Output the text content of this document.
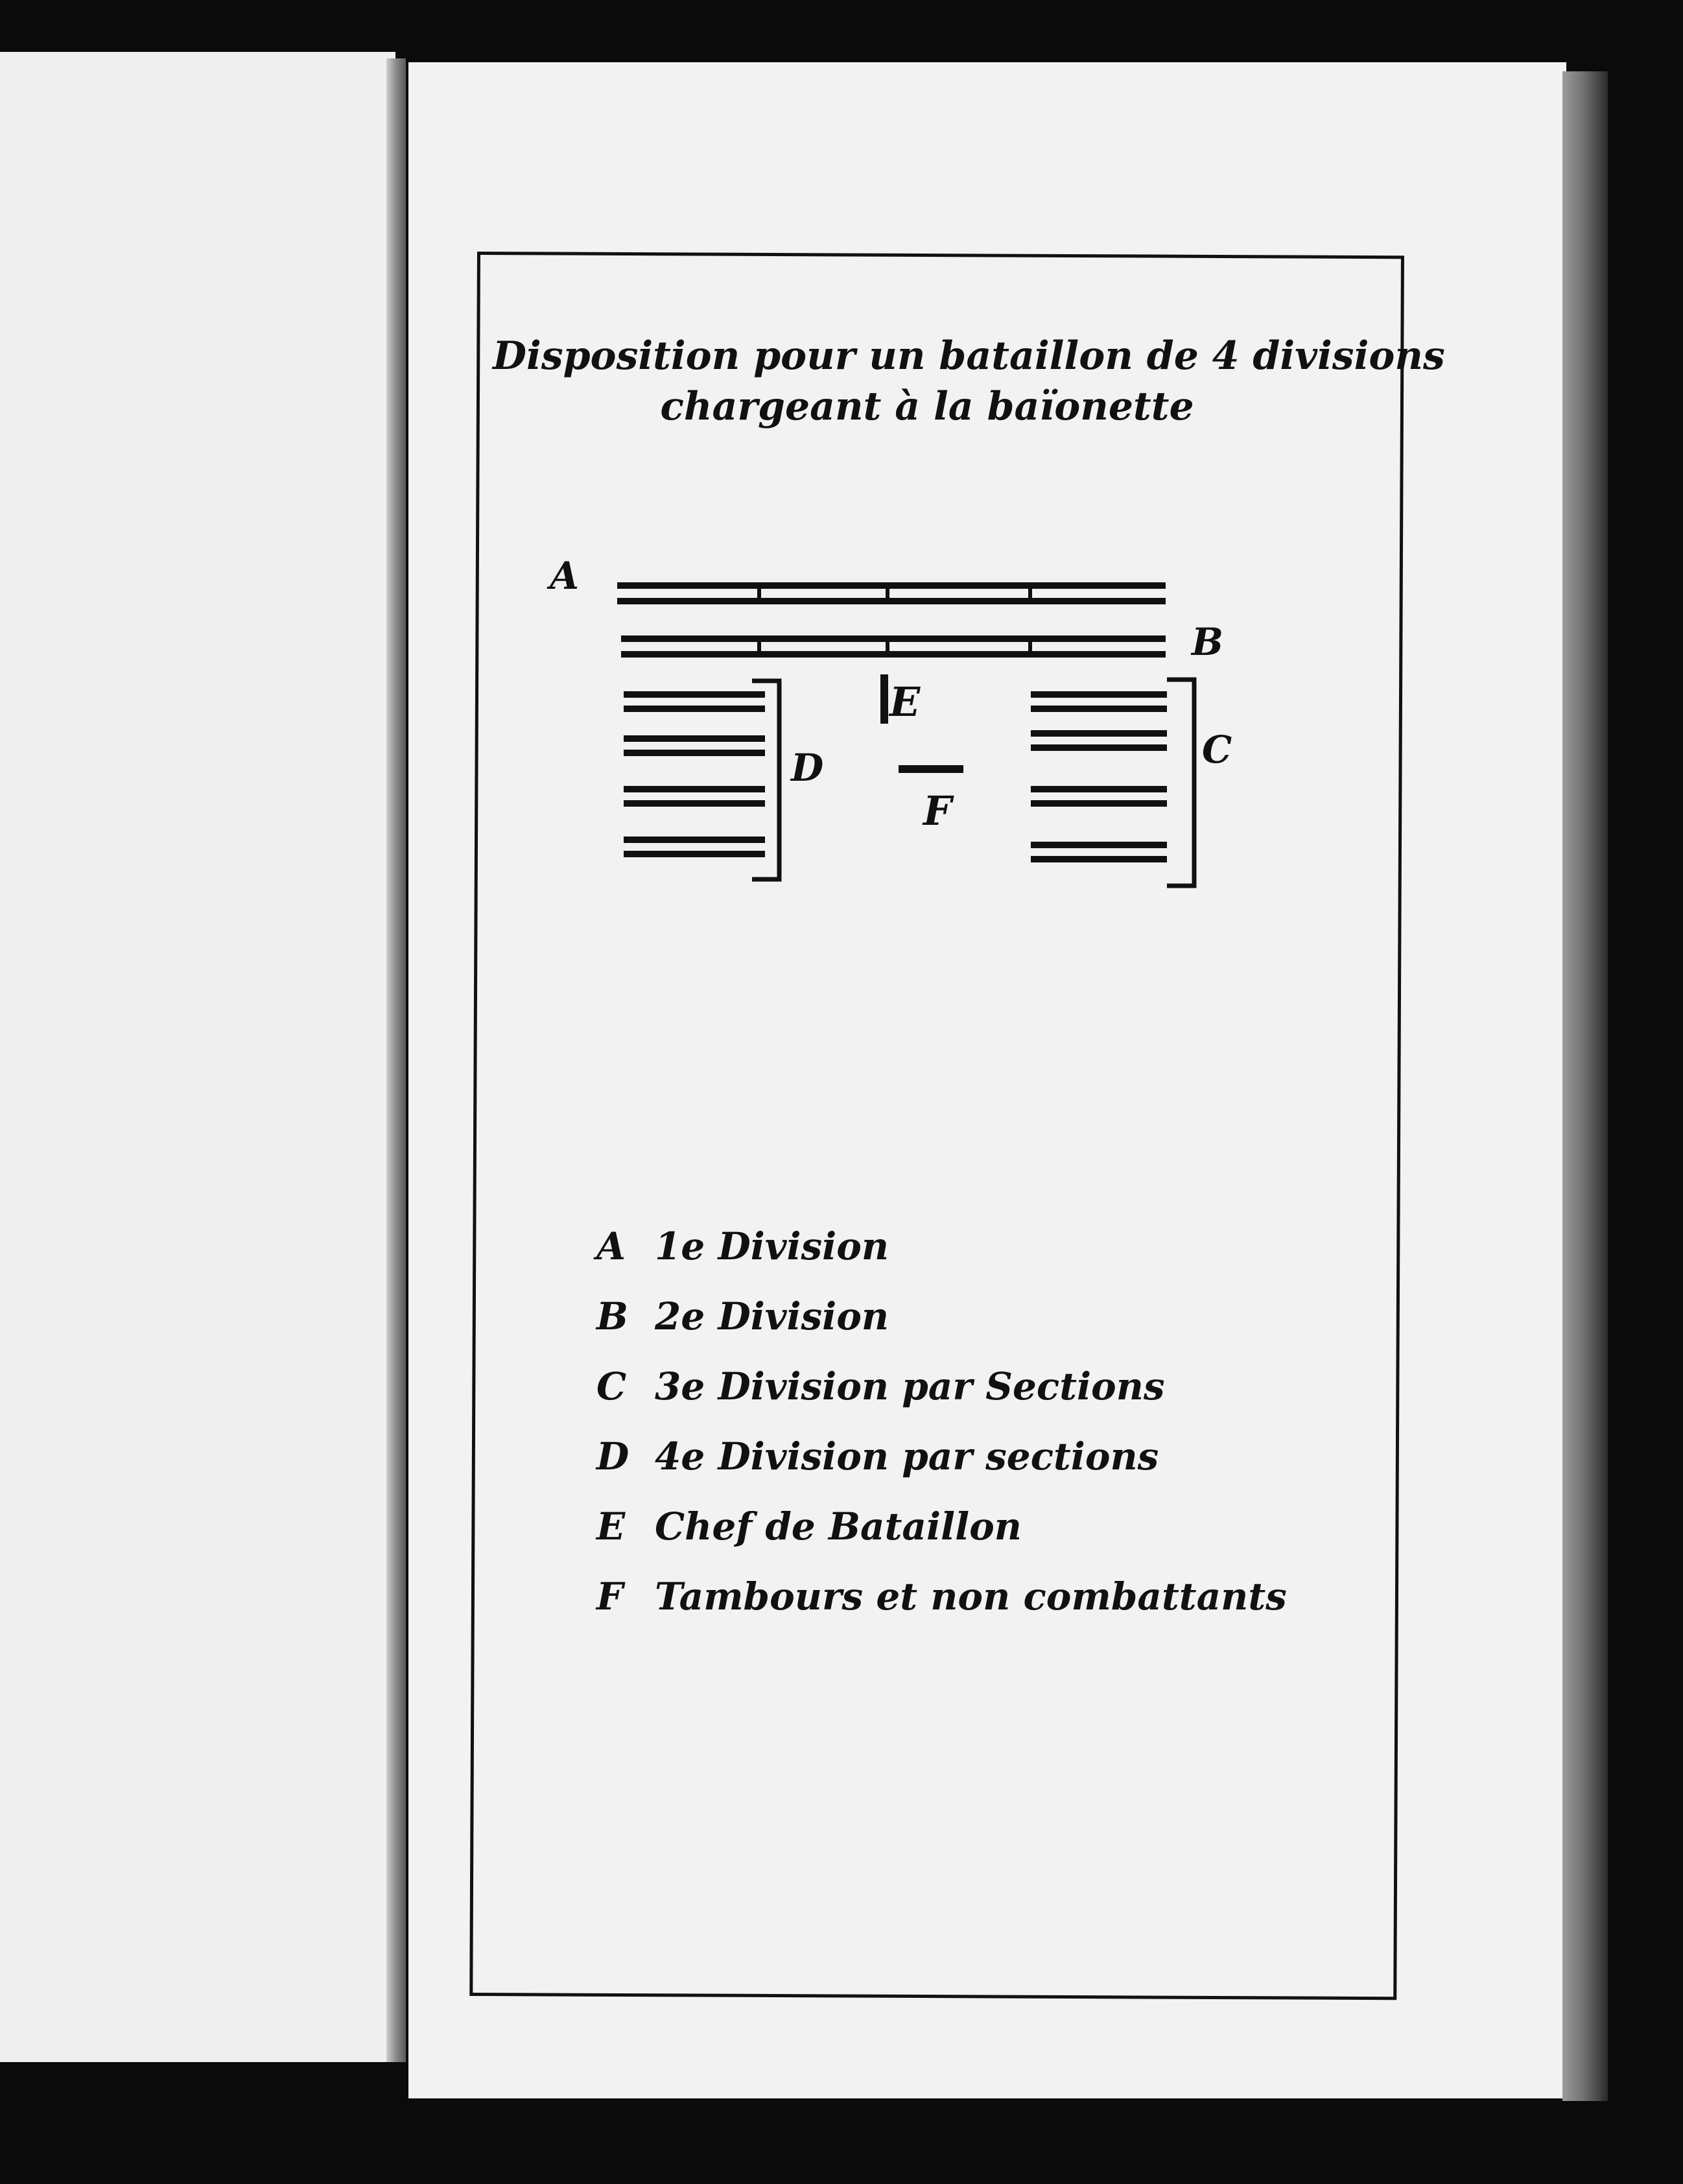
Disposition pour un bataillon de 4 divisions
chargeant à la baïonette
A
B
D
E
F
C
A 1e Division
B 2e Division
C 3e Division par Sections
D 4e Division par sections
E Chef de Bataillon
F Tambours et non combattants
